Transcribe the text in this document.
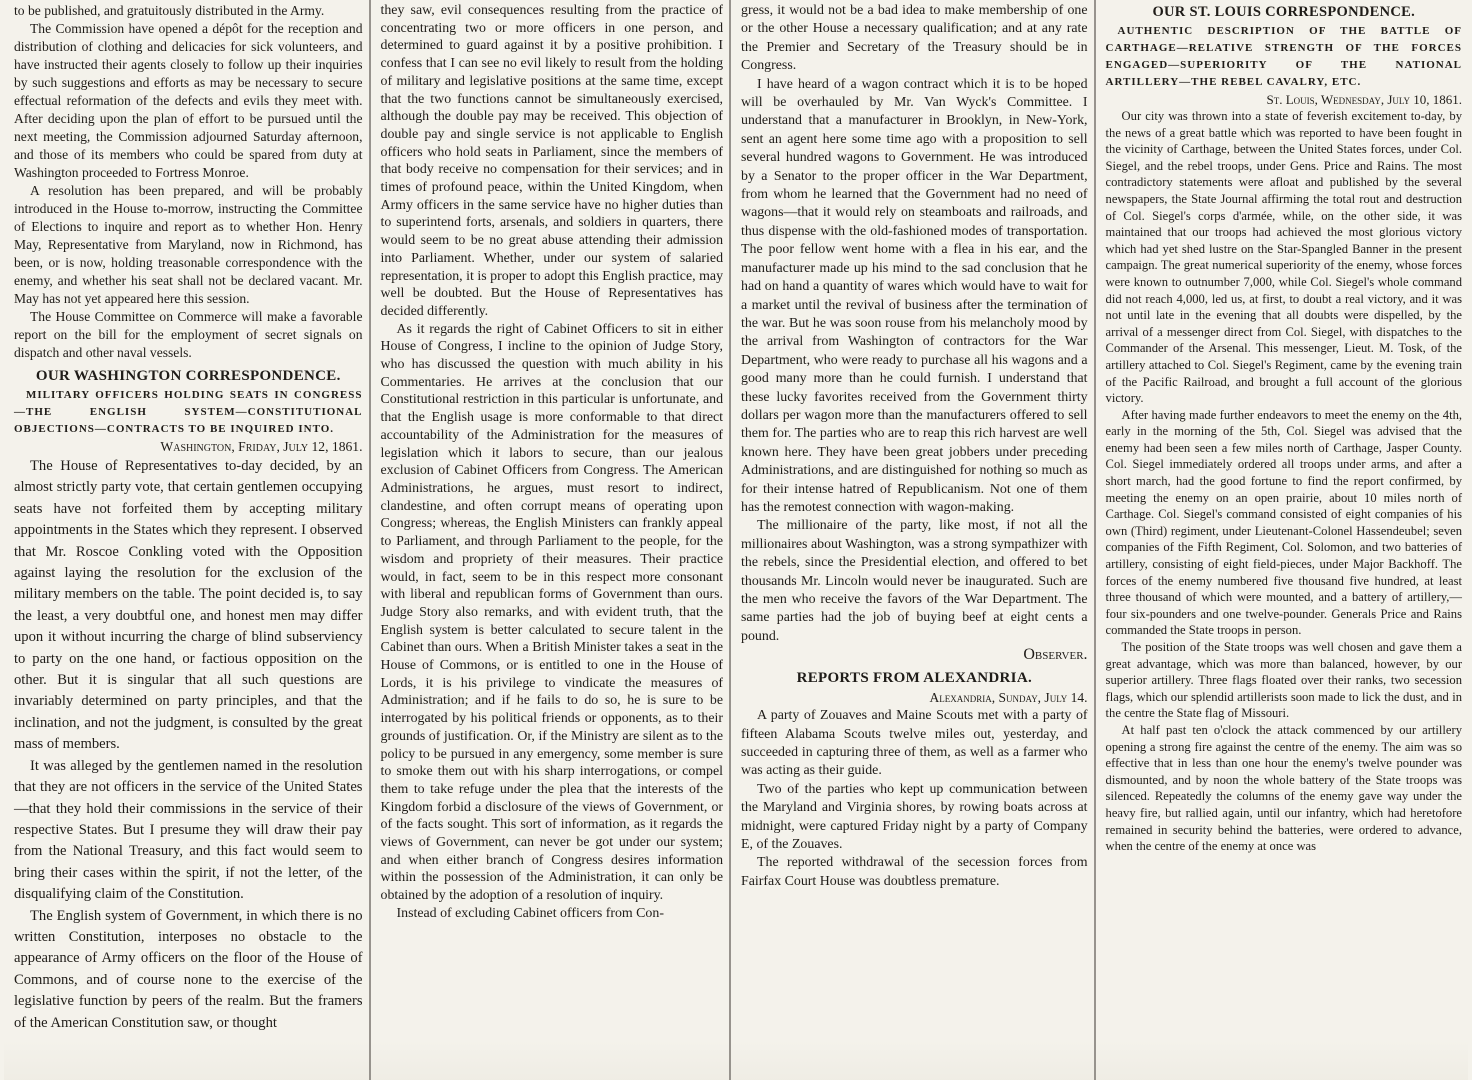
to be published, and gratuitously distributed in the Army.
The Commission have opened a dépôt for the reception and distribution of clothing and delicacies for sick volunteers, and have instructed their agents closely to follow up their inquiries by such suggestions and efforts as may be necessary to secure effectual reformation of the defects and evils they meet with. After deciding upon the plan of effort to be pursued until the next meeting, the Commission adjourned Saturday afternoon, and those of its members who could be spared from duty at Washington proceeded to Fortress Monroe.
A resolution has been prepared, and will be probably introduced in the House to-morrow, instructing the Committee of Elections to inquire and report as to whether Hon. Henry May, Representative from Maryland, now in Richmond, has been, or is now, holding treasonable correspondence with the enemy, and whether his seat shall not be declared vacant. Mr. May has not yet appeared here this session.
The House Committee on Commerce will make a favorable report on the bill for the employment of secret signals on dispatch and other naval vessels.
OUR WASHINGTON CORRESPONDENCE.
MILITARY OFFICERS HOLDING SEATS IN CONGRESS —THE ENGLISH SYSTEM—CONSTITUTIONAL OBJECTIONS—CONTRACTS TO BE INQUIRED INTO.
Washington, Friday, July 12, 1861.
The House of Representatives to-day decided, by an almost strictly party vote, that certain gentlemen occupying seats have not forfeited them by accepting military appointments in the States which they represent. I observed that Mr. Roscoe Conkling voted with the Opposition against laying the resolution for the exclusion of the military members on the table. The point decided is, to say the least, a very doubtful one, and honest men may differ upon it without incurring the charge of blind subserviency to party on the one hand, or factious opposition on the other. But it is singular that all such questions are invariably determined on party principles, and that the inclination, and not the judgment, is consulted by the great mass of members.
It was alleged by the gentlemen named in the resolution that they are not officers in the service of the United States—that they hold their commissions in the service of their respective States. But I presume they will draw their pay from the National Treasury, and this fact would seem to bring their cases within the spirit, if not the letter, of the disqualifying claim of the Constitution.
The English system of Government, in which there is no written Constitution, interposes no obstacle to the appearance of Army officers on the floor of the House of Commons, and of course none to the exercise of the legislative function by peers of the realm. But the framers of the American Constitution saw, or thought
they saw, evil consequences resulting from the practice of concentrating two or more officers in one person, and determined to guard against it by a positive prohibition. I confess that I can see no evil likely to result from the holding of military and legislative positions at the same time, except that the two functions cannot be simultaneously exercised, although the double pay may be received. This objection of double pay and single service is not applicable to English officers who hold seats in Parliament, since the members of that body receive no compensation for their services; and in times of profound peace, within the United Kingdom, when Army officers in the same service have no higher duties than to superintend forts, arsenals, and soldiers in quarters, there would seem to be no great abuse attending their admission into Parliament. Whether, under our system of salaried representation, it is proper to adopt this English practice, may well be doubted. But the House of Representatives has decided differently.
As it regards the right of Cabinet Officers to sit in either House of Congress, I incline to the opinion of Judge Story, who has discussed the question with much ability in his Commentaries. He arrives at the conclusion that our Constitutional restriction in this particular is unfortunate, and that the English usage is more conformable to that direct accountability of the Administration for the measures of legislation which it labors to secure, than our jealous exclusion of Cabinet Officers from Congress. The American Administrations, he argues, must resort to indirect, clandestine, and often corrupt means of operating upon Congress; whereas, the English Ministers can frankly appeal to Parliament, and through Parliament to the people, for the wisdom and propriety of their measures. Their practice would, in fact, seem to be in this respect more consonant with liberal and republican forms of Government than ours. Judge Story also remarks, and with evident truth, that the English system is better calculated to secure talent in the Cabinet than ours. When a British Minister takes a seat in the House of Commons, or is entitled to one in the House of Lords, it is his privilege to vindicate the measures of Administration; and if he fails to do so, he is sure to be interrogated by his political friends or opponents, as to their grounds of justification. Or, if the Ministry are silent as to the policy to be pursued in any emergency, some member is sure to smoke them out with his sharp interrogations, or compel them to take refuge under the plea that the interests of the Kingdom forbid a disclosure of the views of Government, or of the facts sought. This sort of information, as it regards the views of Government, can never be got under our system; and when either branch of Congress desires information within the possession of the Administration, it can only be obtained by the adoption of a resolution of inquiry.
Instead of excluding Cabinet officers from Con-
gress, it would not be a bad idea to make membership of one or the other House a necessary qualification; and at any rate the Premier and Secretary of the Treasury should be in Congress.
I have heard of a wagon contract which it is to be hoped will be overhauled by Mr. Van Wyck's Committee. I understand that a manufacturer in Brooklyn, in New-York, sent an agent here some time ago with a proposition to sell several hundred wagons to Government. He was introduced by a Senator to the proper officer in the War Department, from whom he learned that the Government had no need of wagons—that it would rely on steamboats and railroads, and thus dispense with the old-fashioned modes of transportation. The poor fellow went home with a flea in his ear, and the manufacturer made up his mind to the sad conclusion that he had on hand a quantity of wares which would have to wait for a market until the revival of business after the termination of the war. But he was soon rouse from his melancholy mood by the arrival from Washington of contractors for the War Department, who were ready to purchase all his wagons and a good many more than he could furnish. I understand that these lucky favorites received from the Government thirty dollars per wagon more than the manufacturers offered to sell them for. The parties who are to reap this rich harvest are well known here. They have been great jobbers under preceding Administrations, and are distinguished for nothing so much as for their intense hatred of Republicanism. Not one of them has the remotest connection with wagon-making.
The millionaire of the party, like most, if not all the millionaires about Washington, was a strong sympathizer with the rebels, since the Presidential election, and offered to bet thousands Mr. Lincoln would never be inaugurated. Such are the men who receive the favors of the War Department. The same parties had the job of buying beef at eight cents a pound.
Observer.
REPORTS FROM ALEXANDRIA.
Alexandria, Sunday, July 14.
A party of Zouaves and Maine Scouts met with a party of fifteen Alabama Scouts twelve miles out, yesterday, and succeeded in capturing three of them, as well as a farmer who was acting as their guide.
Two of the parties who kept up communication between the Maryland and Virginia shores, by rowing boats across at midnight, were captured Friday night by a party of Company E, of the Zouaves.
The reported withdrawal of the secession forces from Fairfax Court House was doubtless premature.
OUR ST. LOUIS CORRESPONDENCE.
AUTHENTIC DESCRIPTION OF THE BATTLE OF CARTHAGE—RELATIVE STRENGTH OF THE FORCES ENGAGED—SUPERIORITY OF THE NATIONAL ARTILLERY—THE REBEL CAVALRY, ETC.
St. Louis, Wednesday, July 10, 1861.
Our city was thrown into a state of feverish excitement to-day, by the news of a great battle which was reported to have been fought in the vicinity of Carthage, between the United States forces, under Col. Siegel, and the rebel troops, under Gens. Price and Rains. The most contradictory statements were afloat and published by the several newspapers, the State Journal affirming the total rout and destruction of Col. Siegel's corps d'armée, while, on the other side, it was maintained that our troops had achieved the most glorious victory which had yet shed lustre on the Star-Spangled Banner in the present campaign. The great numerical superiority of the enemy, whose forces were known to outnumber 7,000, while Col. Siegel's whole command did not reach 4,000, led us, at first, to doubt a real victory, and it was not until late in the evening that all doubts were dispelled, by the arrival of a messenger direct from Col. Siegel, with dispatches to the Commander of the Arsenal. This messenger, Lieut. M. Tosk, of the artillery attached to Col. Siegel's Regiment, came by the evening train of the Pacific Railroad, and brought a full account of the glorious victory.
After having made further endeavors to meet the enemy on the 4th, early in the morning of the 5th, Col. Siegel was advised that the enemy had been seen a few miles north of Carthage, Jasper County. Col. Siegel immediately ordered all troops under arms, and after a short march, had the good fortune to find the report confirmed, by meeting the enemy on an open prairie, about 10 miles north of Carthage. Col. Siegel's command consisted of eight companies of his own (Third) regiment, under Lieutenant-Colonel Hassendeubel; seven companies of the Fifth Regiment, Col. Solomon, and two batteries of artillery, consisting of eight field-pieces, under Major Backhoff. The forces of the enemy numbered five thousand five hundred, at least three thousand of which were mounted, and a battery of artillery,—four six-pounders and one twelve-pounder. Generals Price and Rains commanded the State troops in person.
The position of the State troops was well chosen and gave them a great advantage, which was more than balanced, however, by our superior artillery. Three flags floated over their ranks, two secession flags, which our splendid artillerists soon made to lick the dust, and in the centre the State flag of Missouri.
At half past ten o'clock the attack commenced by our artillery opening a strong fire against the centre of the enemy. The aim was so effective that in less than one hour the enemy's twelve pounder was dismounted, and by noon the whole battery of the State troops was silenced. Repeatedly the columns of the enemy gave way under the heavy fire, but rallied again, until our infantry, which had heretofore remained in security behind the batteries, were ordered to advance, when the centre of the enemy at once was
